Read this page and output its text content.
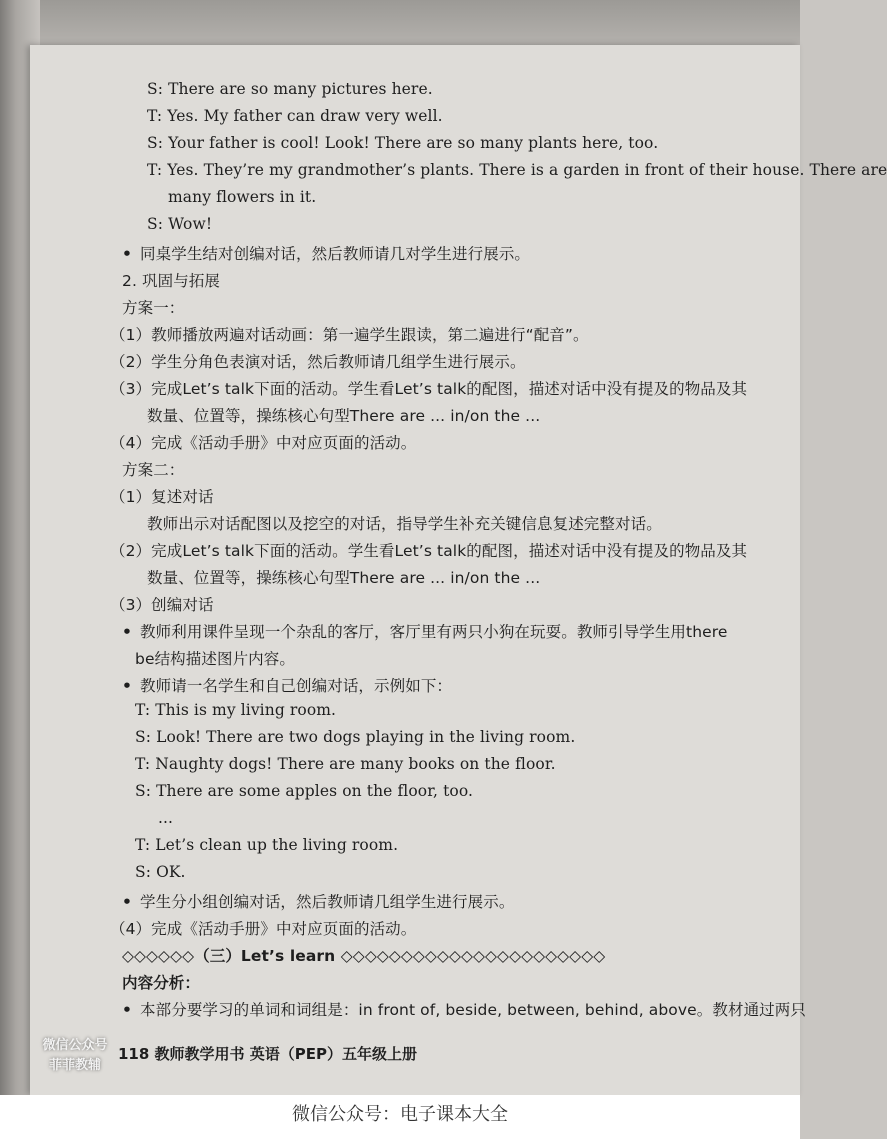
S: There are so many pictures here.
T: Yes. My father can draw very well.
S: Your father is cool! Look! There are so many plants here, too.
T: Yes. They’re my grandmother’s plants. There is a garden in front of their house. There are
many flowers in it.
S: Wow!
• 同桌学生结对创编对话，然后教师请几对学生进行展示。
2. 巩固与拓展
方案一：
（1）教师播放两遍对话动画：第一遍学生跟读，第二遍进行“配音”。
（2）学生分角色表演对话，然后教师请几组学生进行展示。
（3）完成Let’s talk下面的活动。学生看Let’s talk的配图，描述对话中没有提及的物品及其
数量、位置等，操练核心句型There are ... in/on the ...
（4）完成《活动手册》中对应页面的活动。
方案二：
（1）复述对话
教师出示对话配图以及挖空的对话，指导学生补充关键信息复述完整对话。
（2）完成Let’s talk下面的活动。学生看Let’s talk的配图，描述对话中没有提及的物品及其
数量、位置等，操练核心句型There are ... in/on the ...
（3）创编对话
• 教师利用课件呈现一个杂乱的客厅，客厅里有两只小狗在玩耍。教师引导学生用there
be结构描述图片内容。
• 教师请一名学生和自己创编对话，示例如下：
T: This is my living room.
S: Look! There are two dogs playing in the living room.
T: Naughty dogs! There are many books on the floor.
S: There are some apples on the floor, too.
...
T: Let’s clean up the living room.
S: OK.
• 学生分小组创编对话，然后教师请几组学生进行展示。
（4）完成《活动手册》中对应页面的活动。
◇◇◇◇◇◇（三）Let’s learn ◇◇◇◇◇◇◇◇◇◇◇◇◇◇◇◇◇◇◇◇◇◇
内容分析：
• 本部分要学习的单词和词组是：in front of, beside, between, behind, above。教材通过两只
118 教师教学用书 英语（PEP）五年级上册
微信公众号
菲菲教辅
微信公众号：电子课本大全
